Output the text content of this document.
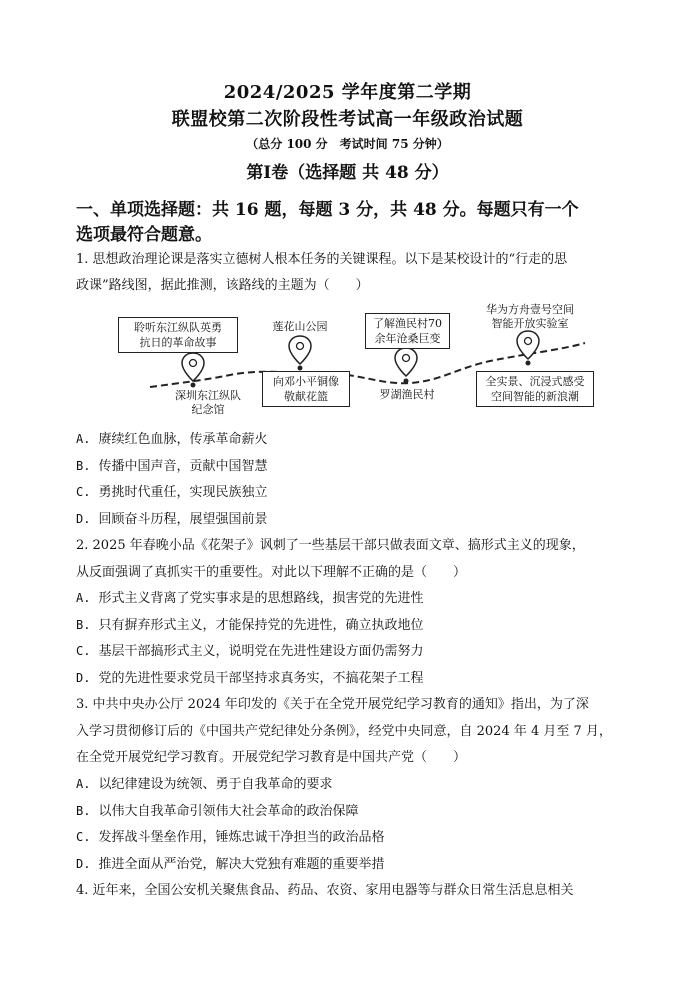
2024/2025 学年度第二学期
联盟校第二次阶段性考试高一年级政治试题
（总分 100 分　考试时间 75 分钟）
第Ⅰ卷（选择题 共 48 分）
一、单项选择题：共 16 题，每题 3 分，共 48 分。每题只有一个
选项最符合题意。
1. 思想政治理论课是落实立德树人根本任务的关键课程。以下是某校设计的“行走的思
政课”路线图，据此推测，该路线的主题为（　　）
聆听东江纵队英勇
抗日的革命故事
深圳东江纵队
纪念馆
莲花山公园
向邓小平铜像
敬献花篮
了解渔民村70
余年沧桑巨变
罗湖渔民村
华为方舟壹号空间
智能开放实验室
全实景、沉浸式感受
空间智能的新浪潮
A. 赓续红色血脉，传承革命薪火
B. 传播中国声音，贡献中国智慧
C. 勇挑时代重任，实现民族独立
D. 回顾奋斗历程，展望强国前景
2. 2025 年春晚小品《花架子》讽刺了一些基层干部只做表面文章、搞形式主义的现象，
从反面强调了真抓实干的重要性。对此以下理解不正确的是（　　）
A. 形式主义背离了党实事求是的思想路线，损害党的先进性
B. 只有摒弃形式主义，才能保持党的先进性，确立执政地位
C. 基层干部搞形式主义，说明党在先进性建设方面仍需努力
D. 党的先进性要求党员干部坚持求真务实，不搞花架子工程
3. 中共中央办公厅 2024 年印发的《关于在全党开展党纪学习教育的通知》指出，为了深
入学习贯彻修订后的《中国共产党纪律处分条例》，经党中央同意，自 2024 年 4 月至 7 月，
在全党开展党纪学习教育。开展党纪学习教育是中国共产党（　　）
A. 以纪律建设为统领、勇于自我革命的要求
B. 以伟大自我革命引领伟大社会革命的政治保障
C. 发挥战斗堡垒作用，锤炼忠诚干净担当的政治品格
D. 推进全面从严治党，解决大党独有难题的重要举措
4. 近年来，全国公安机关聚焦食品、药品、农资、家用电器等与群众日常生活息息相关
